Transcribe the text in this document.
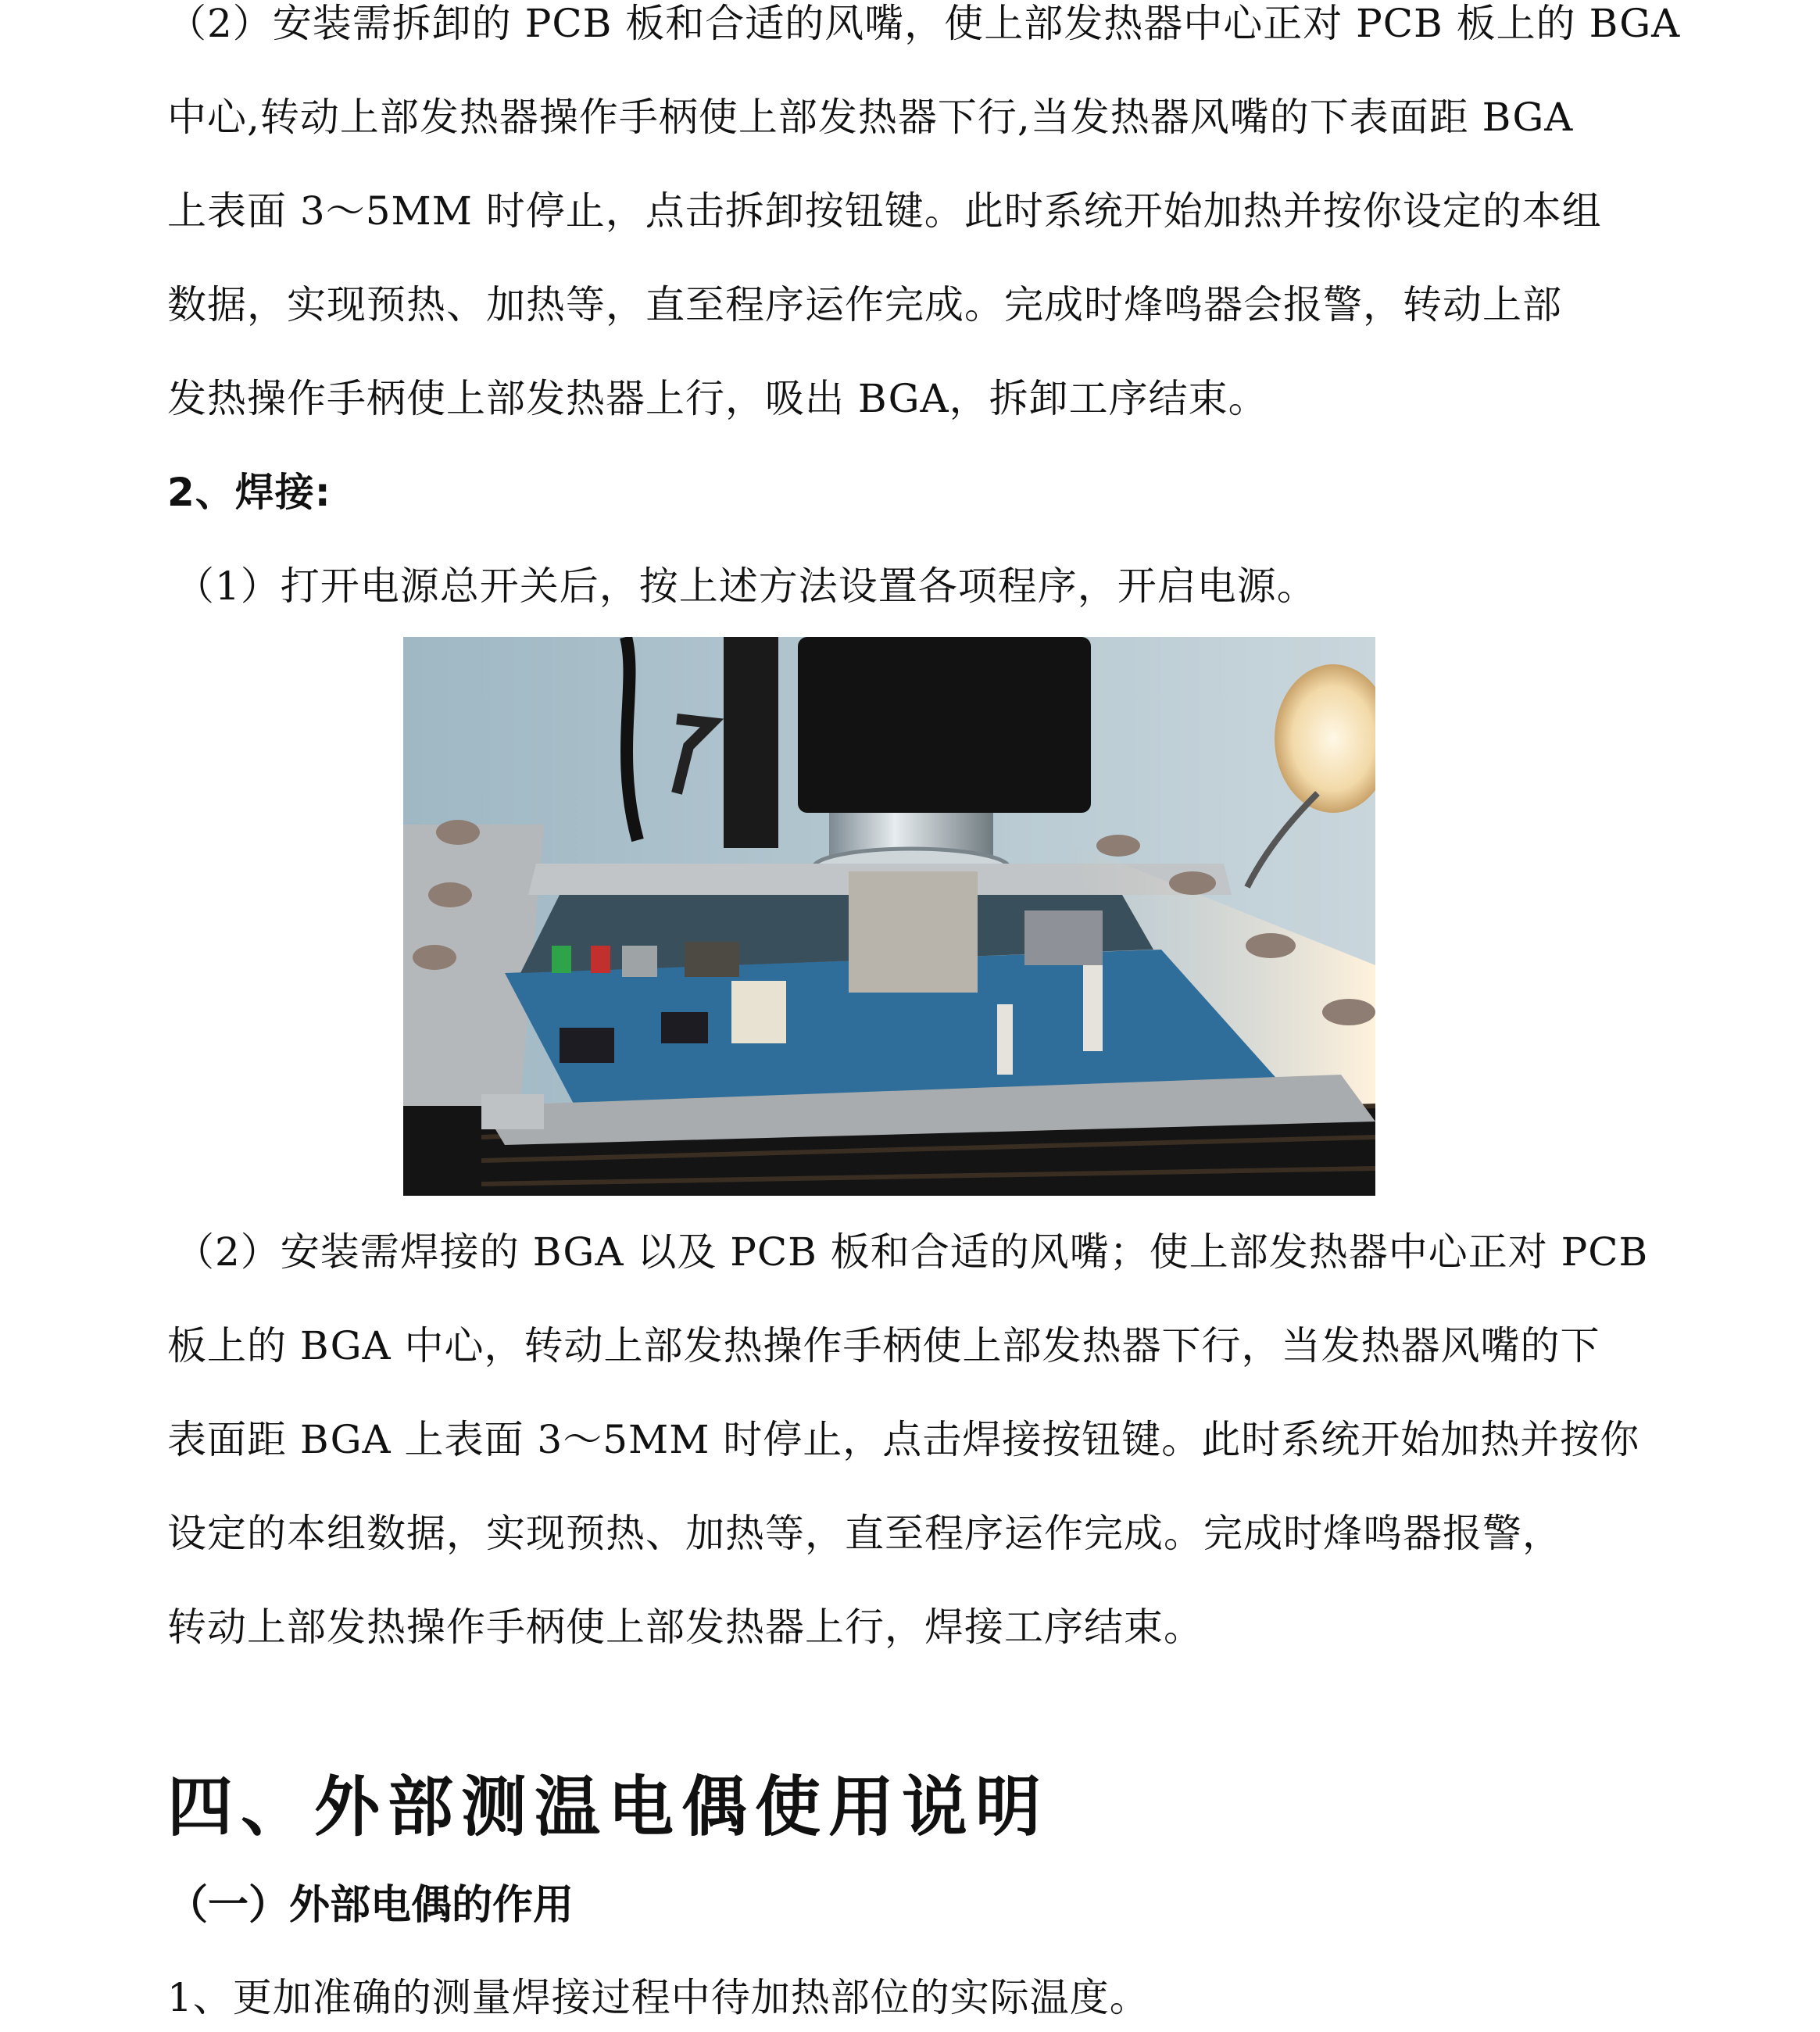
（2）安装需拆卸的 PCB 板和合适的风嘴，使上部发热器中心正对 PCB 板上的 BGA
中心,转动上部发热器操作手柄使上部发热器下行,当发热器风嘴的下表面距 BGA
上表面 3～5MM 时停止，点击拆卸按钮键。此时系统开始加热并按你设定的本组
数据，实现预热、加热等，直至程序运作完成。完成时烽鸣器会报警，转动上部
发热操作手柄使上部发热器上行，吸出 BGA，拆卸工序结束。
2、焊接:
（1）打开电源总开关后，按上述方法设置各项程序，开启电源。
（2）安装需焊接的 BGA 以及 PCB 板和合适的风嘴；使上部发热器中心正对 PCB
板上的 BGA 中心，转动上部发热操作手柄使上部发热器下行，当发热器风嘴的下
表面距 BGA 上表面 3～5MM 时停止，点击焊接按钮键。此时系统开始加热并按你
设定的本组数据，实现预热、加热等，直至程序运作完成。完成时烽鸣器报警，
转动上部发热操作手柄使上部发热器上行，焊接工序结束。
四、外部测温电偶使用说明
（一）外部电偶的作用
1、更加准确的测量焊接过程中待加热部位的实际温度。
